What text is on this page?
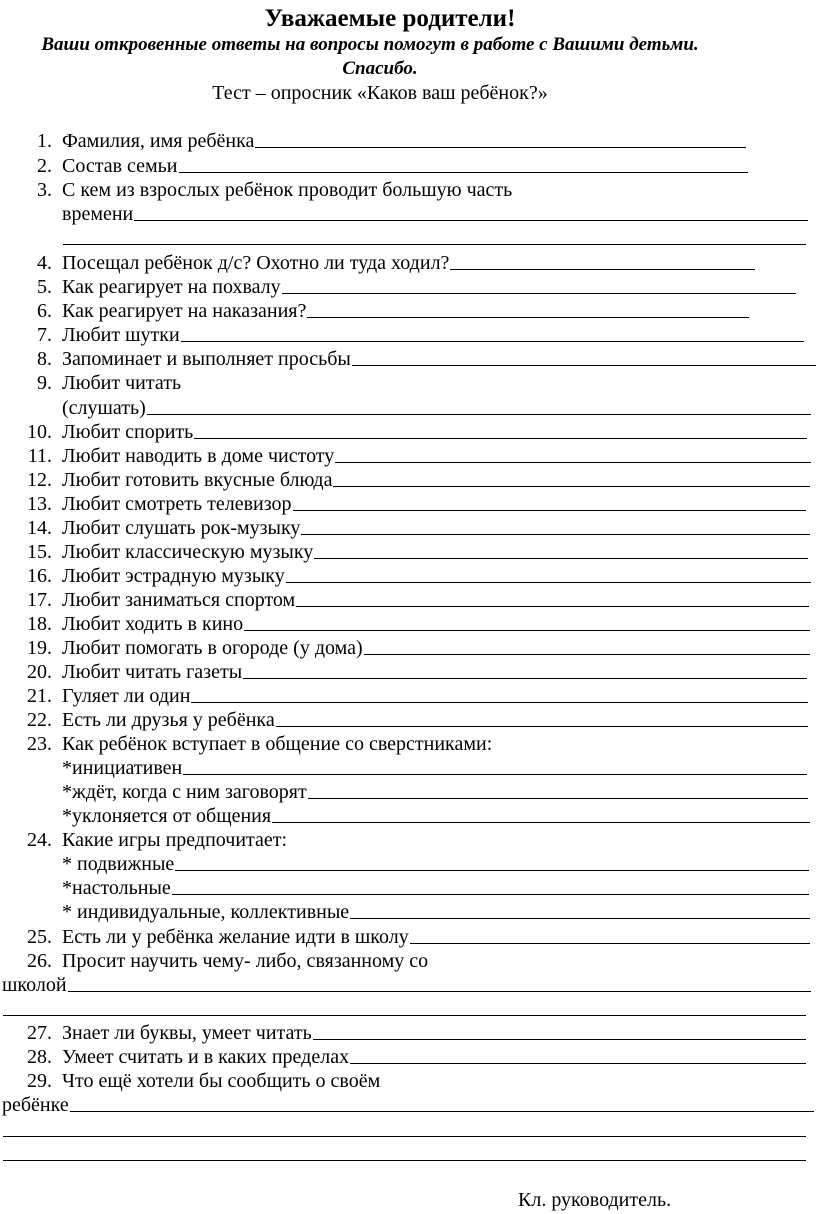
Уважаемые родители!
Ваши откровенные ответы на вопросы помогут в работе с Вашими детьми.
Спасибо.
Тест – опросник «Каков ваш ребёнок?»
1. Фамилия, имя ребёнка
2. Состав семьи
3. С кем из взрослых ребёнок проводит большую часть
времени
4. Посещал ребёнок д/с? Охотно ли туда ходил?
5. Как реагирует на похвалу
6. Как реагирует на наказания?
7. Любит шутки
8. Запоминает и выполняет просьбы
9. Любит читать
(слушать)
10. Любит спорить
11. Любит наводить в доме чистоту
12. Любит готовить вкусные блюда
13. Любит смотреть телевизор
14. Любит слушать рок-музыку
15. Любит классическую музыку
16. Любит эстрадную музыку
17. Любит заниматься спортом
18. Любит ходить в кино
19. Любит помогать в огороде (у дома)
20. Любит читать газеты
21. Гуляет ли один
22. Есть ли друзья у ребёнка
23. Как ребёнок вступает в общение со сверстниками:
*инициативен
*ждёт, когда с ним заговорят
*уклоняется от общения
24. Какие игры предпочитает:
* подвижные
*настольные
* индивидуальные, коллективные
25. Есть ли у ребёнка желание идти в школу
26. Просит научить чему- либо, связанному со
школой
27. Знает ли буквы, умеет читать
28. Умеет считать и в каких пределах
29. Что ещё хотели бы сообщить о своём
ребёнке
Кл. руководитель.
